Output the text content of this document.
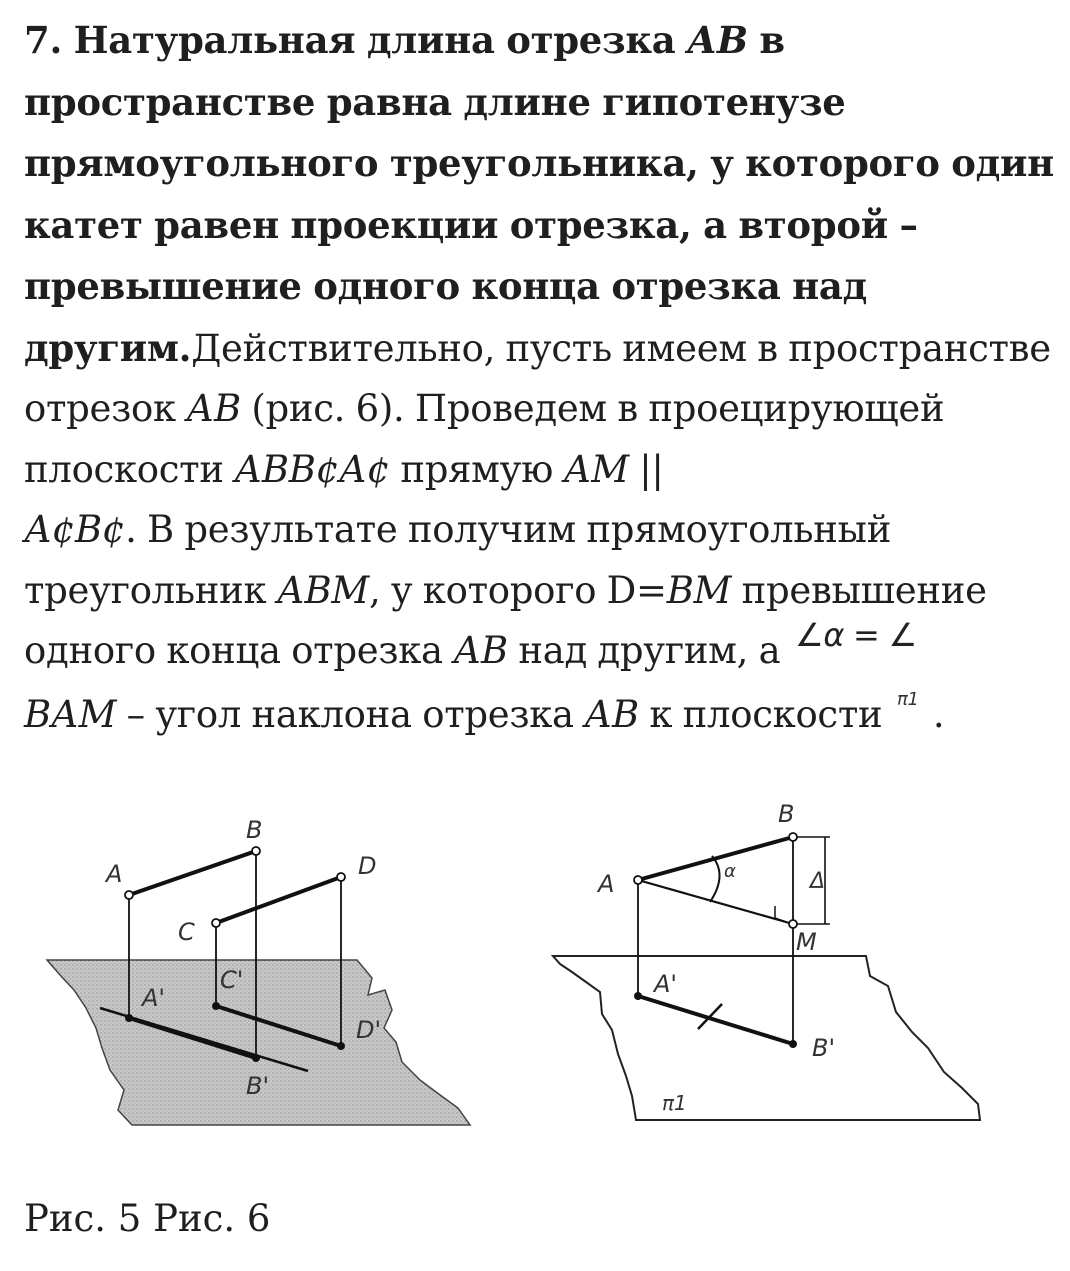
7. Натуральная длина отрезка АВ в пространстве равна длине гипотенузе прямоугольного треугольника, у которого один катет равен проекции отрезка, а второй – превышение одного конца отрезка над другим.Действительно, пусть имеем в пространстве отрезок АВ (рис. 6). Проведем в проецирующей плоскости АВВ¢А¢ прямую АМ ||
А¢В¢. В результате получим прямоугольный треугольник АВМ, у которого D=ВМ превышение одного конца отрезка АВ над другим, а ∠α = ∠

ВАМ – угол наклона отрезка АВ к плоскости π1 .
A
B
C
D
A'
B'
C'
D'
A
B
M
A'
B'
α	Δ
π1
Рис. 5 Рис. 6
